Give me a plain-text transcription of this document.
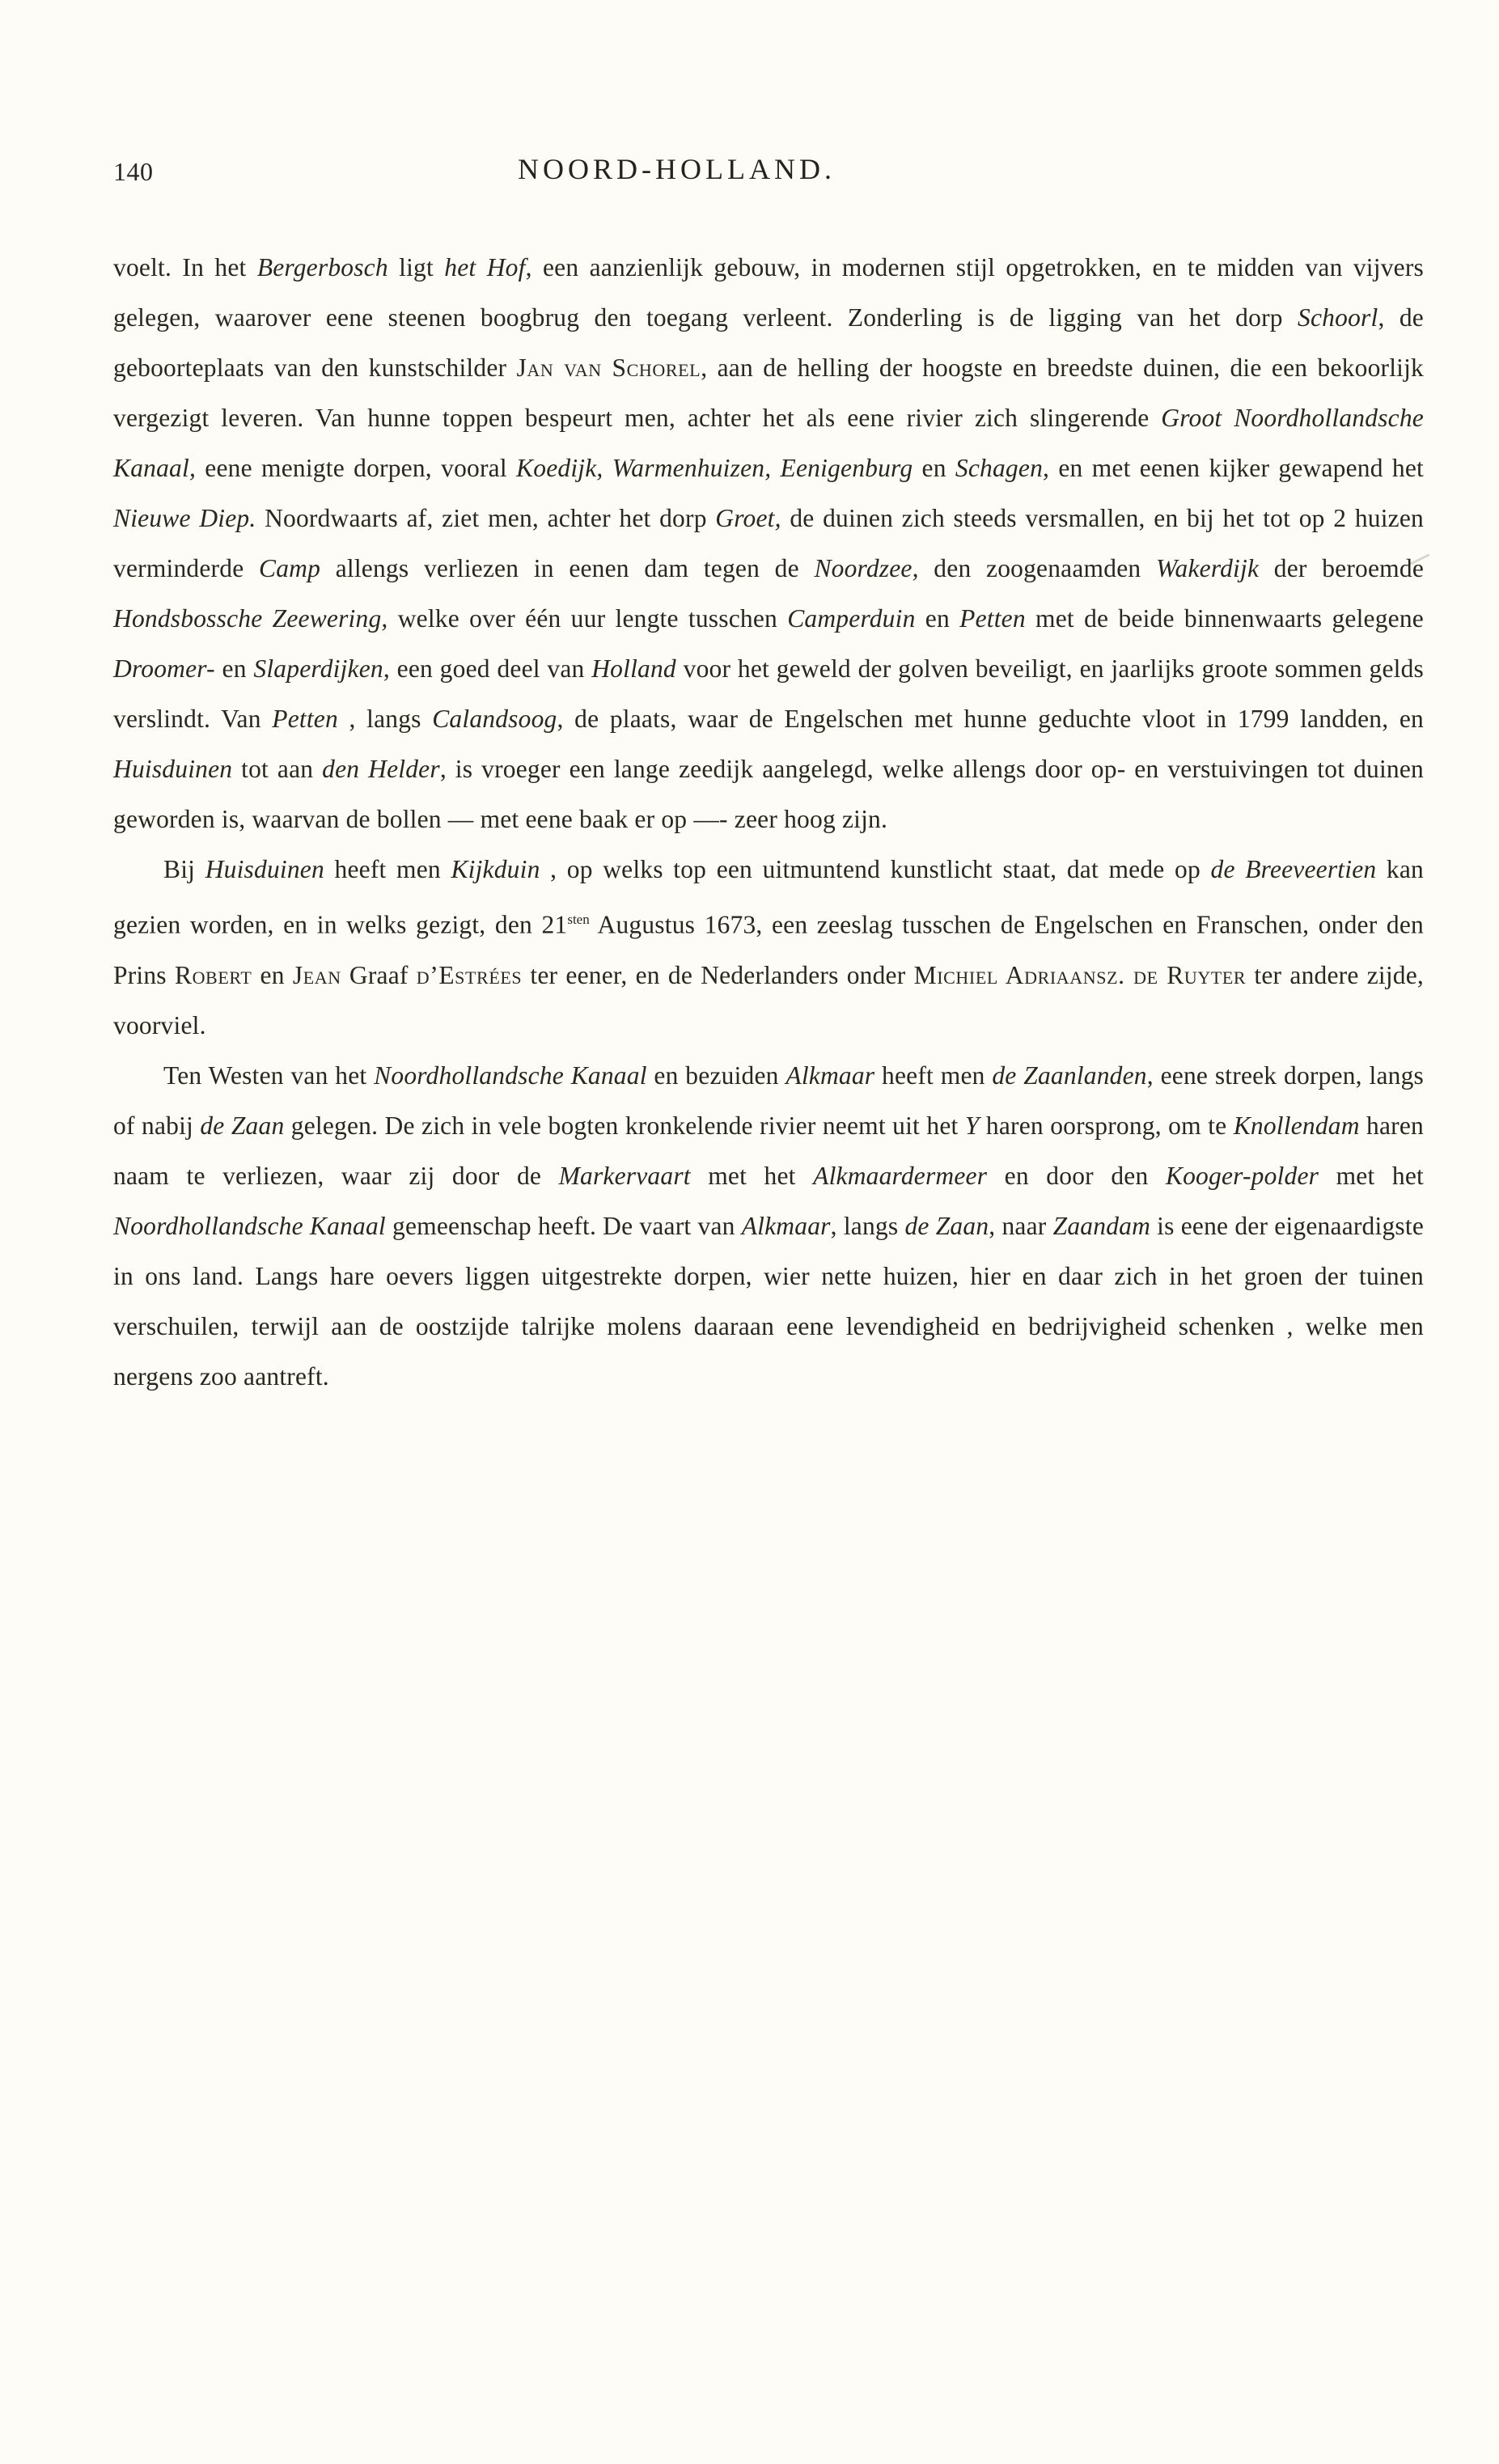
140	NOORD-HOLLAND.

voelt. In het Bergerbosch ligt het Hof, een aanzienlijk gebouw, in modernen stijl opgetrokken, en te midden van vijvers gelegen, waarover eene steenen boogbrug den toegang verleent. Zonderling is de ligging van het dorp Schoorl, de geboorteplaats van den kunstschilder Jan van Schorel, aan de helling der hoogste en breedste duinen, die een bekoorlijk vergezigt leveren. Van hunne toppen bespeurt men, achter het als eene rivier zich slingerende Groot Noordhollandsche Kanaal, eene menigte dorpen, vooral Koedijk, Warmenhuizen, Eenigenburg en Schagen, en met eenen kijker gewapend het Nieuwe Diep. Noordwaarts af, ziet men, achter het dorp Groet, de duinen zich steeds versmallen, en bij het tot op 2 huizen verminderde Camp allengs verliezen in eenen dam tegen de Noordzee, den zoogenaamden Wakerdijk der beroemde Hondsbossche Zeewering, welke over één uur lengte tusschen Camperduin en Petten met de beide binnenwaarts gelegene Droomer- en Slaperdijken, een goed deel van Holland voor het geweld der golven beveiligt, en jaarlijks groote sommen gelds verslindt. Van Petten , langs Calandsoog, de plaats, waar de Engelschen met hunne geduchte vloot in 1799 landden, en Huisduinen tot aan den Helder, is vroeger een lange zeedijk aangelegd, welke allengs door op- en verstuivingen tot duinen geworden is, waarvan de bollen — met eene baak er op —- zeer hoog zijn.

Bij Huisduinen heeft men Kijkduin , op welks top een uitmuntend kunstlicht staat, dat mede op de Breeveertien kan gezien worden, en in welks gezigt, den $21^{sten}$ Augustus 1673, een zeeslag tusschen de Engelschen en Franschen, onder den Prins Robert en Jean Graaf d’Estrées ter eener, en de Nederlanders onder Michiel Adriaansz. de Ruyter ter andere zijde, voorviel.

Ten Westen van het Noordhollandsche Kanaal en bezuiden Alkmaar heeft men de Zaanlanden, eene streek dorpen, langs of nabij de Zaan gelegen. De zich in vele bogten kronkelende rivier neemt uit het Y haren oorsprong, om te Knollendam haren naam te verliezen, waar zij door de Markervaart met het Alkmaardermeer en door den Kooger-polder met het Noordhollandsche Kanaal gemeenschap heeft. De vaart van Alkmaar, langs de Zaan, naar Zaandam is eene der eigenaardigste in ons land. Langs hare oevers liggen uitgestrekte dorpen, wier nette huizen, hier en daar zich in het groen der tuinen verschuilen, terwijl aan de oostzijde talrijke molens daaraan eene levendigheid en bedrijvigheid schenken , welke men nergens zoo aantreft.
